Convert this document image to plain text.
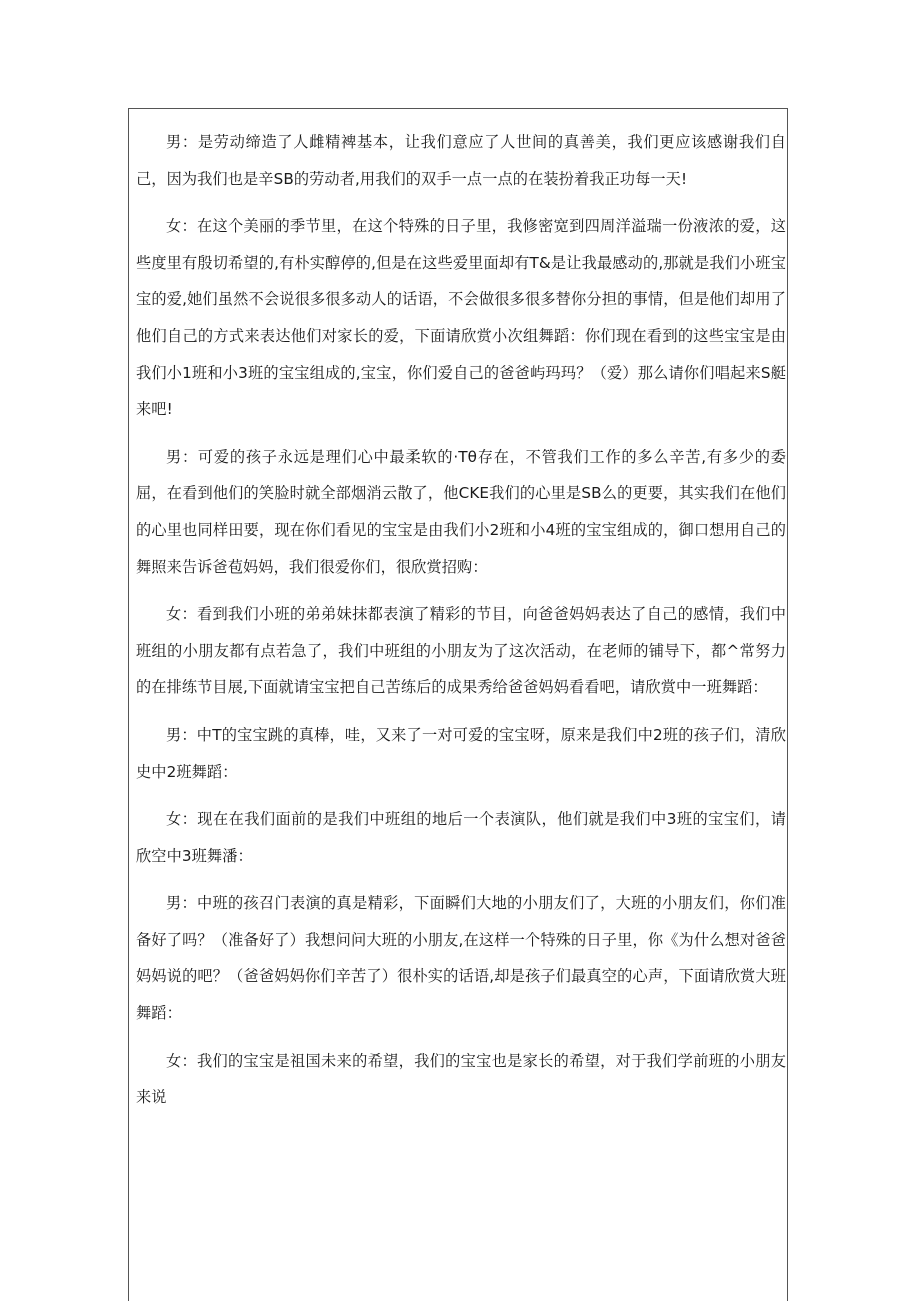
男：是劳动缔造了人雌精裨基本，让我们意应了人世间的真善美，我们更应该感谢我们自己，因为我们也是辛SB的劳动者,用我们的双手一点一点的在装扮着我正功每一天!

女：在这个美丽的季节里，在这个特殊的日子里，我修密宽到四周洋溢瑞一份液浓的爱，这些度里有殷切希望的,有朴实醇停的,但是在这些爱里面却有T&是让我最感动的,那就是我们小班宝宝的爱,她们虽然不会说很多很多动人的话语，不会做很多很多替你分担的事情，但是他们却用了他们自己的方式来表达他们对家长的爱，下面请欣赏小次组舞蹈：你们现在看到的这些宝宝是由我们小1班和小3班的宝宝组成的,宝宝，你们爱自己的爸爸屿玛玛？（爱）那么请你们唱起来S艇来吧!

男：可爱的孩子永远是理们心中最柔软的·Tθ存在，不管我们工作的多么辛苦,有多少的委屈，在看到他们的笑脸时就全部烟消云散了，他CKE我们的心里是SB么的更要，其实我们在他们的心里也同样田要，现在你们看见的宝宝是由我们小2班和小4班的宝宝组成的，御口想用自己的舞照来告诉爸苞妈妈，我们很爱你们，很欣赏招购：

女：看到我们小班的弟弟妹抹都表演了精彩的节目，向爸爸妈妈表达了自己的感情，我们中班组的小朋友都有点若急了，我们中班组的小朋友为了这次活动，在老师的铺导下，都^常努力的在排练节目展,下面就请宝宝把自己苦练后的成果秀给爸爸妈妈看看吧，请欣赏中一班舞蹈：

男：中T的宝宝跳的真棒，哇，又来了一对可爱的宝宝呀，原来是我们中2班的孩子们，清欣史中2班舞蹈：

女：现在在我们面前的是我们中班组的地后一个表演队，他们就是我们中3班的宝宝们，请欣空中3班舞潘：

男：中班的孩召门表演的真是精彩，下面瞬们大地的小朋友们了，大班的小朋友们，你们准备好了吗？（准备好了）我想问问大班的小朋友,在这样一个特殊的日子里，你《为什么想对爸爸妈妈说的吧？（爸爸妈妈你们辛苦了）很朴实的话语,却是孩子们最真空的心声，下面请欣赏大班舞蹈：

女：我们的宝宝是祖国未来的希望，我们的宝宝也是家长的希望，对于我们学前班的小朋友来说
